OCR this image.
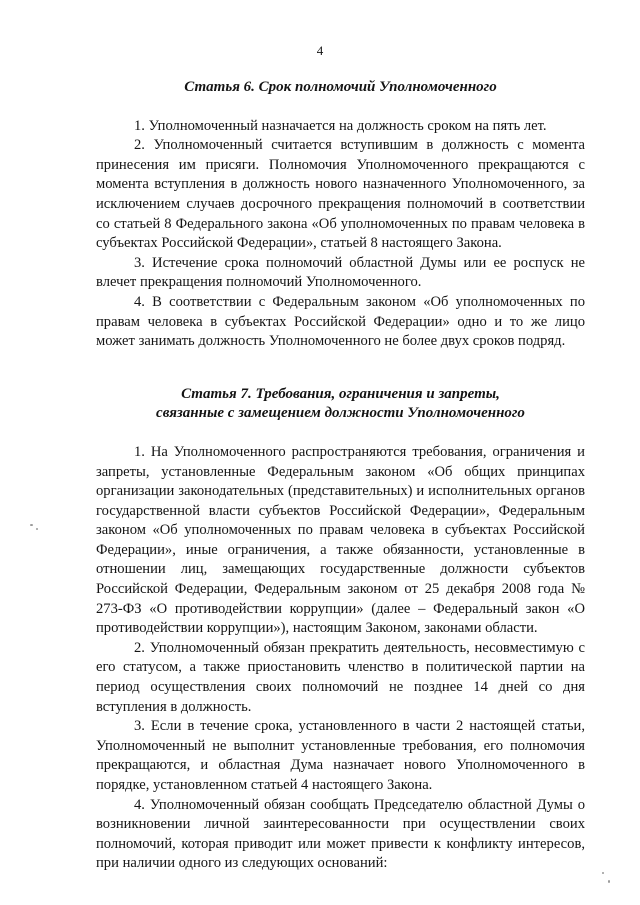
4
Статья 6. Срок полномочий Уполномоченного

1. Уполномоченный назначается на должность сроком на пять лет.

2. Уполномоченный считается вступившим в должность с момента принесения им присяги. Полномочия Уполномоченного прекращаются с момента вступления в должность нового назначенного Уполномоченного, за исключением случаев досрочного прекращения полномочий в соответствии со статьей 8 Федерального закона «Об уполномоченных по правам человека в субъектах Российской Федерации», статьей 8 настоящего Закона.

3. Истечение срока полномочий областной Думы или ее роспуск не влечет прекращения полномочий Уполномоченного.

4. В соответствии с Федеральным законом «Об уполномоченных по правам человека в субъектах Российской Федерации» одно и то же лицо может занимать должность Уполномоченного не более двух сроков подряд.

Статья 7. Требования, ограничения и запреты,
связанные с замещением должности Уполномоченного

1. На Уполномоченного распространяются требования, ограничения и запреты, установленные Федеральным законом «Об общих принципах организации законодательных (представительных) и исполнительных органов государственной власти субъектов Российской Федерации», Федеральным законом «Об уполномоченных по правам человека в субъектах Российской Федерации», иные ограничения, а также обязанности, установленные в отношении лиц, замещающих государственные должности субъектов Российской Федерации, Федеральным законом от 25 декабря 2008 года № 273-ФЗ «О противодействии коррупции» (далее – Федеральный закон «О противодействии коррупции»), настоящим Законом, законами области.

2. Уполномоченный обязан прекратить деятельность, несовместимую с его статусом, а также приостановить членство в политической партии на период осуществления своих полномочий не позднее 14 дней со дня вступления в должность.

3. Если в течение срока, установленного в части 2 настоящей статьи, Уполномоченный не выполнит установленные требования, его полномочия прекращаются, и областная Дума назначает нового Уполномоченного в порядке, установленном статьей 4 настоящего Закона.

4. Уполномоченный обязан сообщать Председателю областной Думы о возникновении личной заинтересованности при осуществлении своих полномочий, которая приводит или может привести к конфликту интересов, при наличии одного из следующих оснований:
